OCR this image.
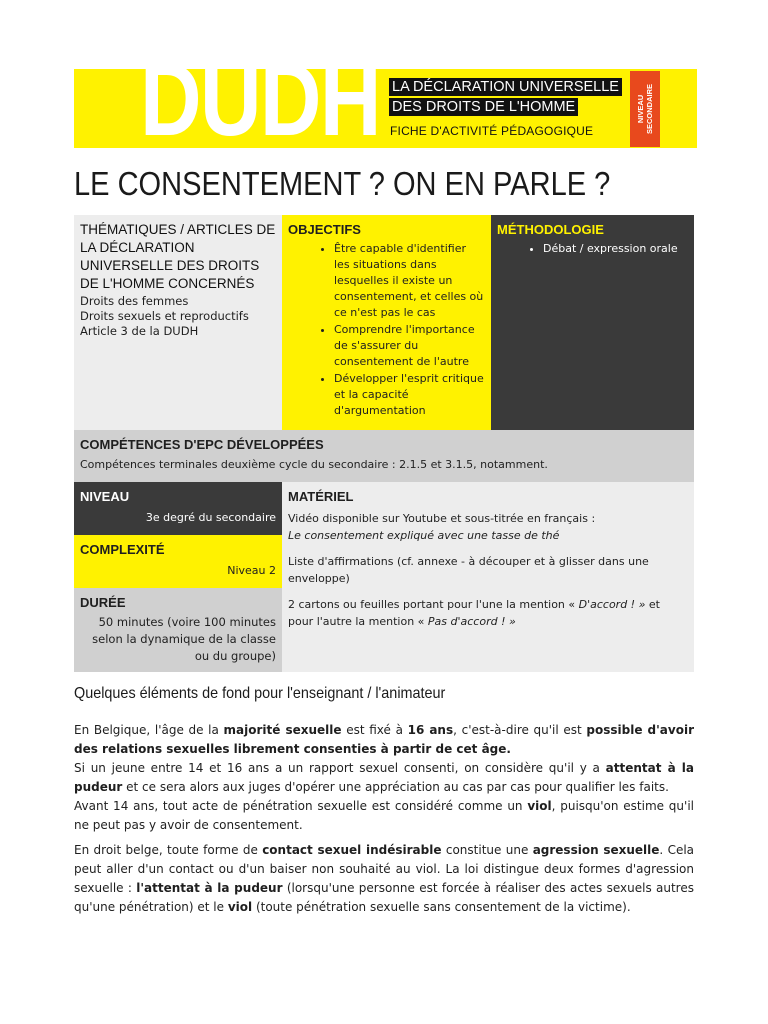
DUDH LA DÉCLARATION UNIVERSELLE
DES DROITS DE L'HOMME
FICHE D'ACTIVITÉ PÉDAGOGIQUE
NIVEAU SECONDAIRE
LE CONSENTEMENT ? ON EN PARLE ?
THÉMATIQUES / ARTICLES DE LA DÉCLARATION UNIVERSELLE DES DROITS DE L'HOMME CONCERNÉS
Droits des femmes
Droits sexuels et reproductifs
Article 3 de la DUDH
OBJECTIFS
• Être capable d'identifier les situations dans lesquelles il existe un consentement, et celles où ce n'est pas le cas
• Comprendre l'importance de s'assurer du consentement de l'autre
• Développer l'esprit critique et la capacité d'argumentation
MÉTHODOLOGIE
• Débat / expression orale
COMPÉTENCES D'EPC DÉVELOPPÉES
Compétences terminales deuxième cycle du secondaire : 2.1.5 et 3.1.5, notamment.
NIVEAU
3e degré du secondaire
COMPLEXITÉ
Niveau 2
DURÉE
50 minutes (voire 100 minutes selon la dynamique de la classe ou du groupe)
MATÉRIEL
Vidéo disponible sur Youtube et sous-titrée en français :
Le consentement expliqué avec une tasse de thé
Liste d'affirmations (cf. annexe - à découper et à glisser dans une enveloppe)
2 cartons ou feuilles portant pour l'une la mention « D'accord ! » et pour l'autre la mention « Pas d'accord ! »
Quelques éléments de fond pour l'enseignant / l'animateur
En Belgique, l'âge de la majorité sexuelle est fixé à 16 ans, c'est-à-dire qu'il est possible d'avoir des relations sexuelles librement consenties à partir de cet âge.
Si un jeune entre 14 et 16 ans a un rapport sexuel consenti, on considère qu'il y a attentat à la pudeur et ce sera alors aux juges d'opérer une appréciation au cas par cas pour qualifier les faits.
Avant 14 ans, tout acte de pénétration sexuelle est considéré comme un viol, puisqu'on estime qu'il ne peut pas y avoir de consentement.
En droit belge, toute forme de contact sexuel indésirable constitue une agression sexuelle. Cela peut aller d'un contact ou d'un baiser non souhaité au viol. La loi distingue deux formes d'agression sexuelle : l'attentat à la pudeur (lorsqu'une personne est forcée à réaliser des actes sexuels autres qu'une pénétration) et le viol (toute pénétration sexuelle sans consentement de la victime).
